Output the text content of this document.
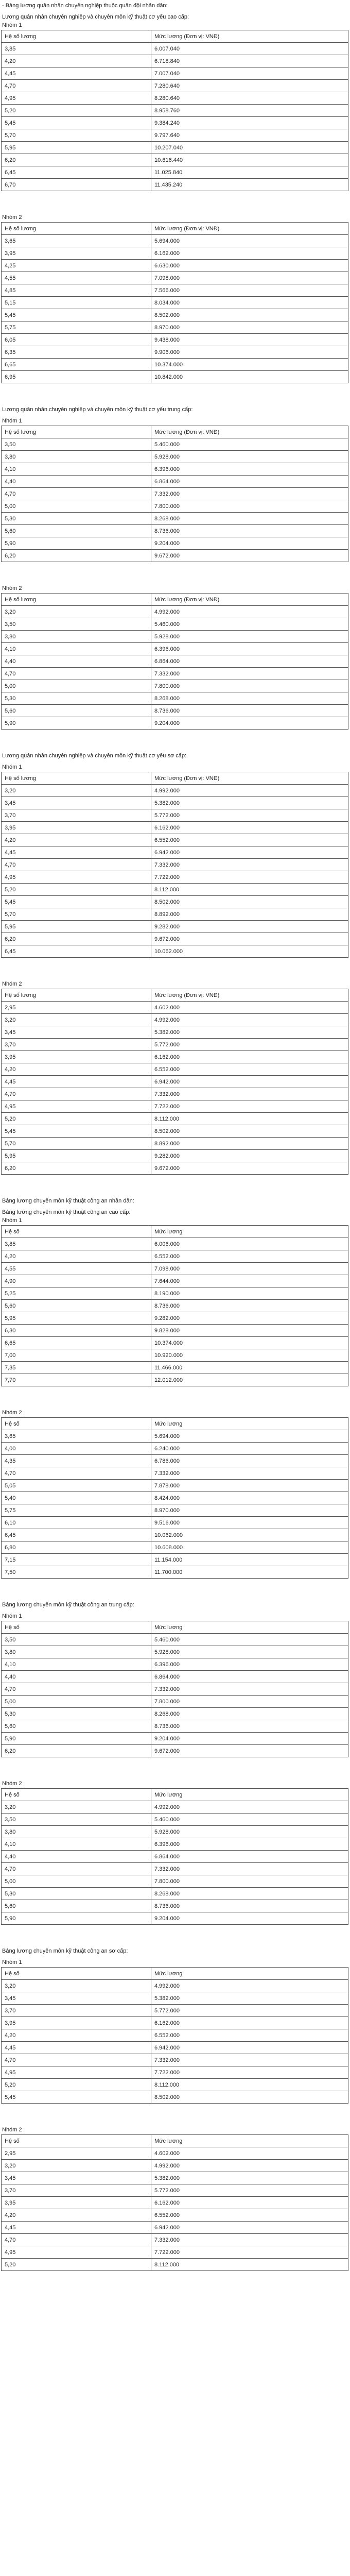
- Bảng lương quân nhân chuyên nghiệp thuộc quân đội nhân dân:
Lương quân nhân chuyên nghiệp và chuyên môn kỹ thuật cơ yếu cao cấp:
Nhóm 1
Hệ số lương	Mức lương (Đơn vị: VNĐ)
3,85	6.007.040
4,20	6.718.840
4,45	7.007.040
4,70	7.280.640
4,95	8.280.640
5,20	8.958.760
5,45	9.384.240
5,70	9.797.640
5,95	10.207.040
6,20	10.616.440
6,45	11.025.840
6,70	11.435.240
Nhóm 2
Hệ số lương	Mức lương (Đơn vị: VNĐ)
3,65	5.694.000
3,95	6.162.000
4,25	6.630.000
4,55	7.098.000
4,85	7.566.000
5,15	8.034.000
5,45	8.502.000
5,75	8.970.000
6,05	9.438.000
6,35	9.906.000
6,65	10.374.000
6,95	10.842.000
Lương quân nhân chuyên nghiệp và chuyên môn kỹ thuật cơ yếu trung cấp:
Nhóm 1
Hệ số lương	Mức lương (Đơn vị: VNĐ)
3,50	5.460.000
3,80	5.928.000
4,10	6.396.000
4,40	6.864.000
4,70	7.332.000
5,00	7.800.000
5,30	8.268.000
5,60	8.736.000
5,90	9.204.000
6,20	9.672.000
Nhóm 2
Hệ số lương	Mức lương (Đơn vị: VNĐ)
3,20	4.992.000
3,50	5.460.000
3,80	5.928.000
4,10	6.396.000
4,40	6.864.000
4,70	7.332.000
5,00	7.800.000
5,30	8.268.000
5,60	8.736.000
5,90	9.204.000
Lương quân nhân chuyên nghiệp và chuyên môn kỹ thuật cơ yếu sơ cấp:
Nhóm 1
Hệ số lương	Mức lương (Đơn vị: VNĐ)
3,20	4.992.000
3,45	5.382.000
3,70	5.772.000
3,95	6.162.000
4,20	6.552.000
4,45	6.942.000
4,70	7.332.000
4,95	7.722.000
5,20	8.112.000
5,45	8.502.000
5,70	8.892.000
5,95	9.282.000
6,20	9.672.000
6,45	10.062.000
Nhóm 2
Hệ số lương	Mức lương (Đơn vị: VNĐ)
2,95	4.602.000
3,20	4.992.000
3,45	5.382.000
3,70	5.772.000
3,95	6.162.000
4,20	6.552.000
4,45	6.942.000
4,70	7.332.000
4,95	7.722.000
5,20	8.112.000
5,45	8.502.000
5,70	8.892.000
5,95	9.282.000
6,20	9.672.000
Bảng lương chuyên môn kỹ thuật công an nhân dân:
Bảng lương chuyên môn kỹ thuật công an cao cấp:
Nhóm 1
Hệ số	Mức lương
3,85	6.006.000
4,20	6.552.000
4,55	7.098.000
4,90	7.644.000
5,25	8.190.000
5,60	8.736.000
5,95	9.282.000
6,30	9.828.000
6,65	10.374.000
7,00	10.920.000
7,35	11.466.000
7,70	12.012.000
Nhóm 2
Hệ số	Mức lương
3,65	5.694.000
4,00	6.240.000
4,35	6.786.000
4,70	7.332.000
5,05	7.878.000
5,40	8.424.000
5,75	8.970.000
6,10	9.516.000
6,45	10.062.000
6,80	10.608.000
7,15	11.154.000
7,50	11.700.000
Bảng lương chuyên môn kỹ thuật công an trung cấp:
Nhóm 1
Hệ số	Mức lương
3,50	5.460.000
3,80	5.928.000
4,10	6.396.000
4,40	6.864.000
4,70	7.332.000
5,00	7.800.000
5,30	8.268.000
5,60	8.736.000
5,90	9.204.000
6,20	9.672.000
Nhóm 2
Hệ số	Mức lương
3,20	4.992.000
3,50	5.460.000
3,80	5.928.000
4,10	6.396.000
4,40	6.864.000
4,70	7.332.000
5,00	7.800.000
5,30	8.268.000
5,60	8.736.000
5,90	9.204.000
Bảng lương chuyên môn kỹ thuật công an sơ cấp:
Nhóm 1
Hệ số	Mức lương
3,20	4.992.000
3,45	5.382.000
3,70	5.772.000
3,95	6.162.000
4,20	6.552.000
4,45	6.942.000
4,70	7.332.000
4,95	7.722.000
5,20	8.112.000
5,45	8.502.000
Nhóm 2
Hệ số	Mức lương
2,95	4.602.000
3,20	4.992.000
3,45	5.382.000
3,70	5.772.000
3,95	6.162.000
4,20	6.552.000
4,45	6.942.000
4,70	7.332.000
4,95	7.722.000
5,20	8.112.000
